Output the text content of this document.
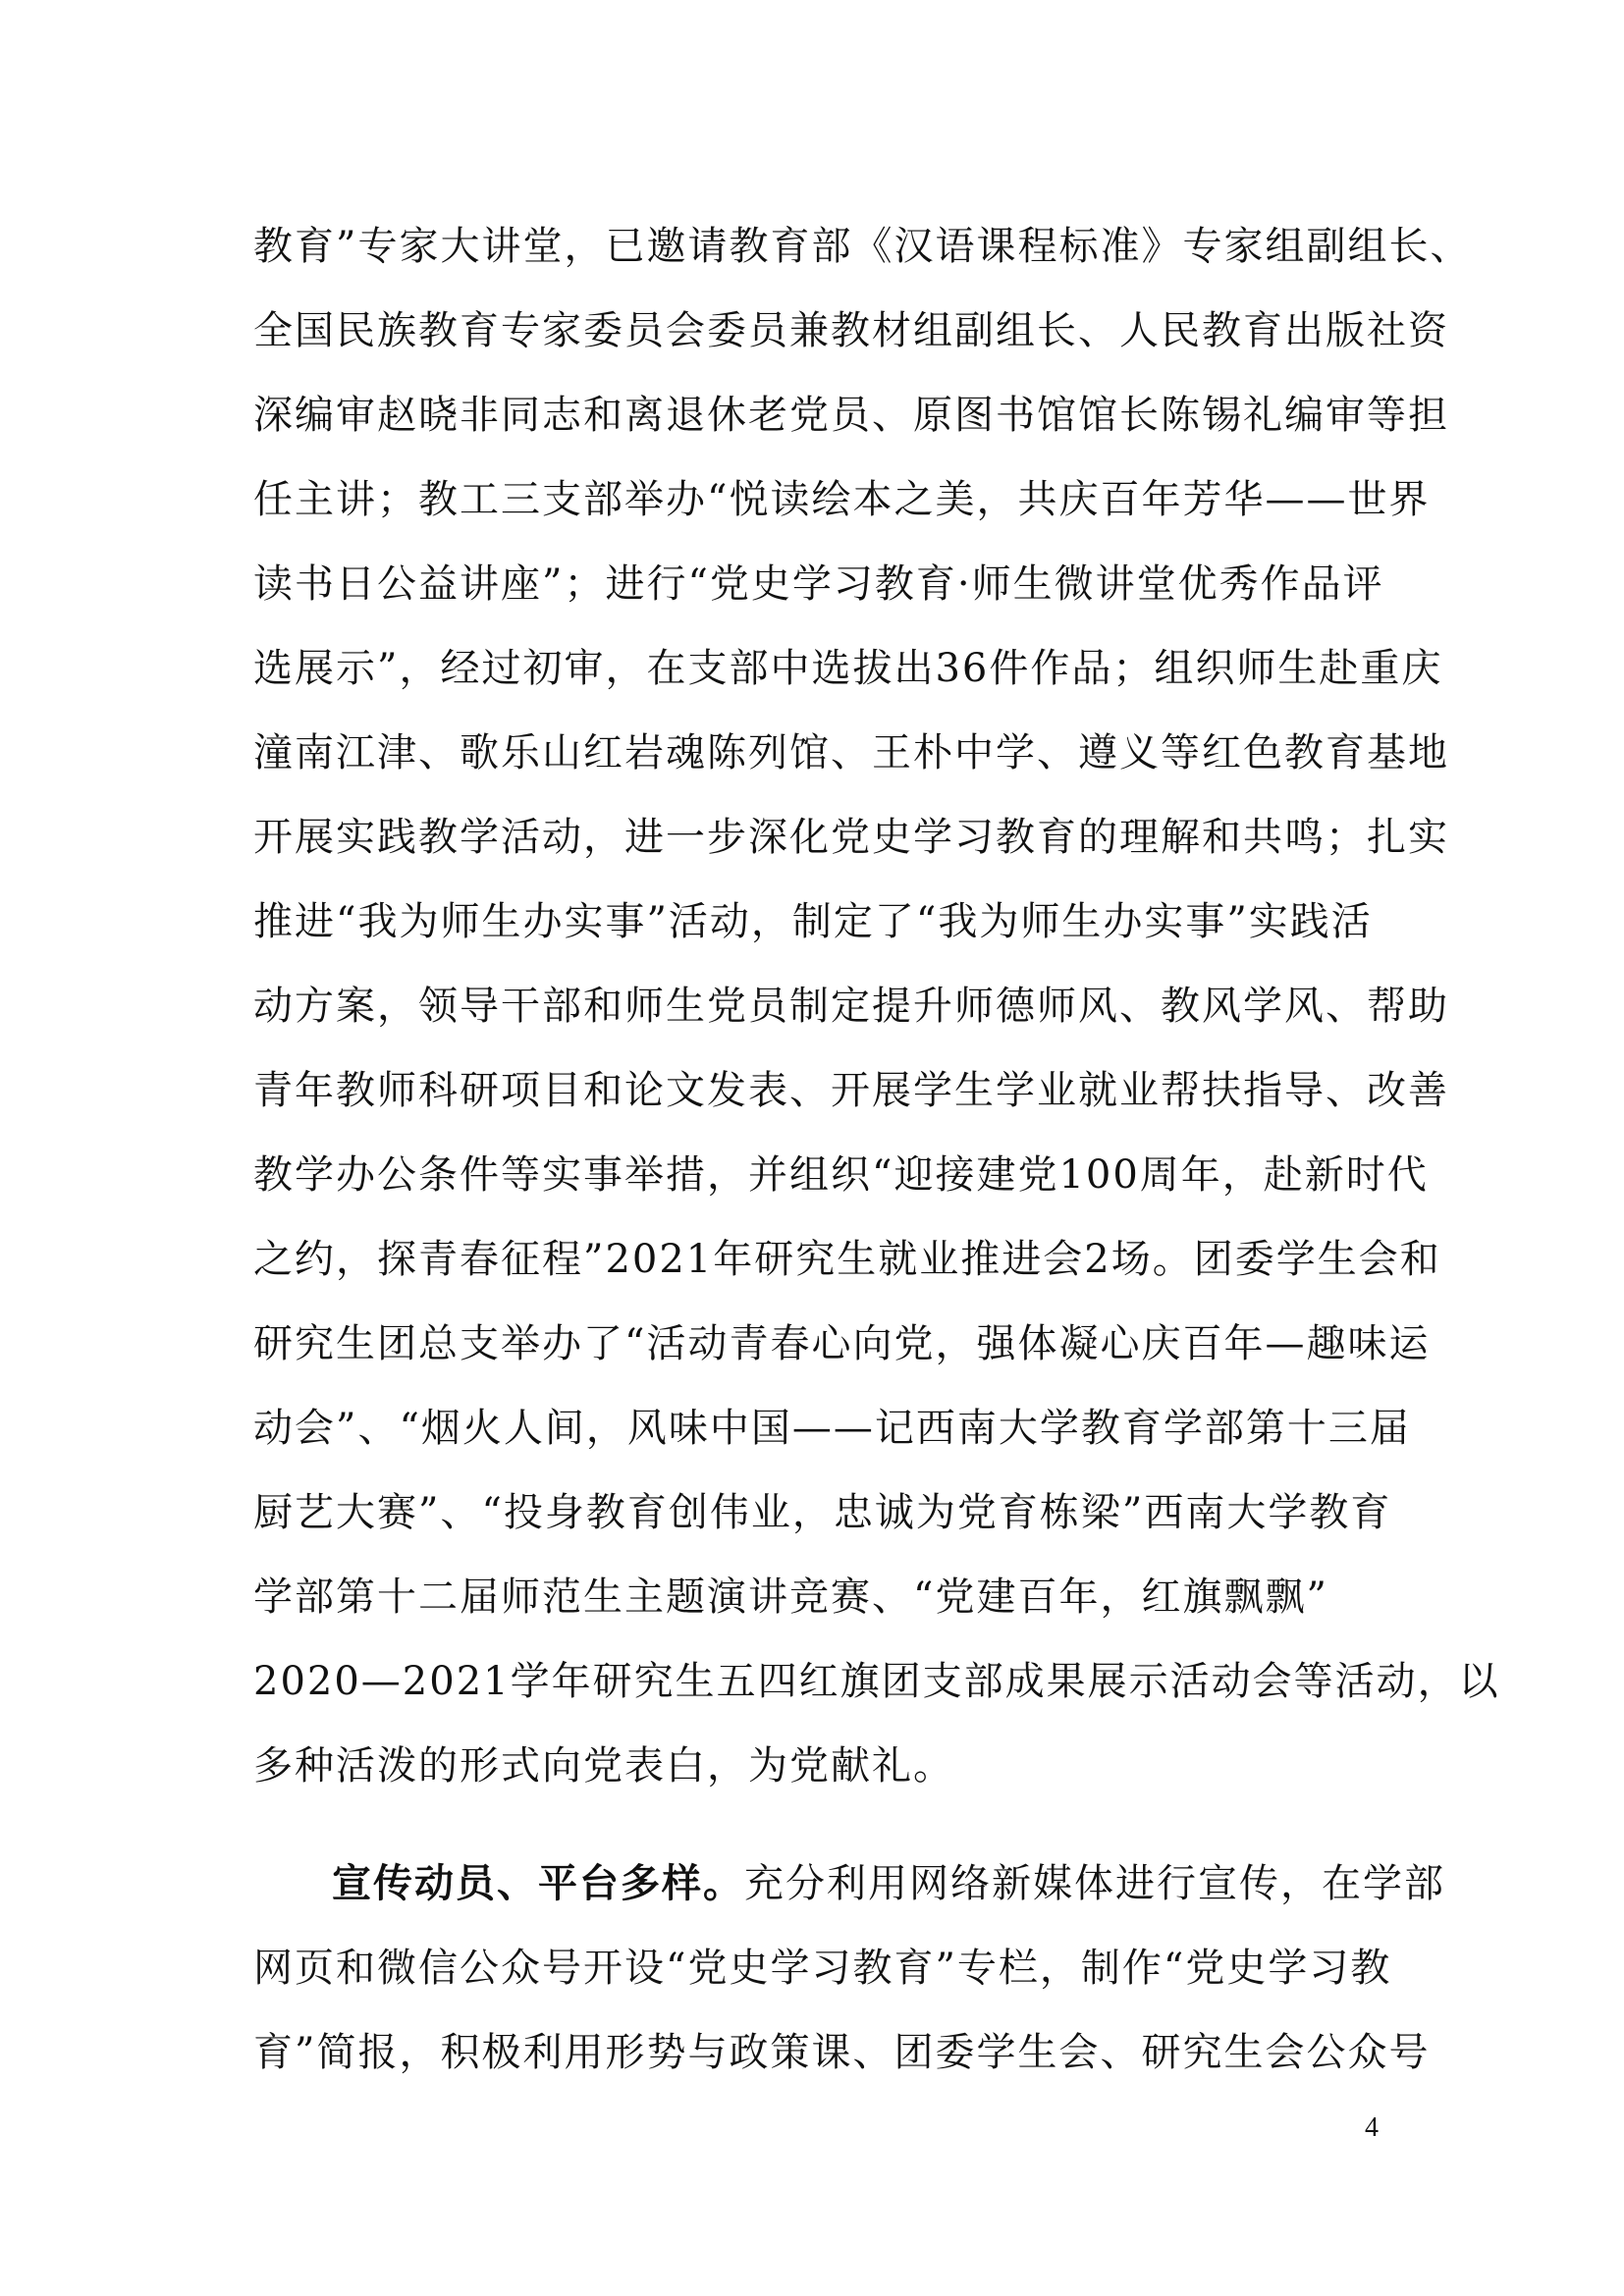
教育”专家大讲堂，已邀请教育部《汉语课程标准》专家组副组长、
全国民族教育专家委员会委员兼教材组副组长、人民教育出版社资
深编审赵晓非同志和离退休老党员、原图书馆馆长陈锡礼编审等担
任主讲；教工三支部举办“悦读绘本之美，共庆百年芳华——世界
读书日公益讲座”；进行“党史学习教育·师生微讲堂优秀作品评
选展示”，经过初审，在支部中选拔出36件作品；组织师生赴重庆
潼南江津、歌乐山红岩魂陈列馆、王朴中学、遵义等红色教育基地
开展实践教学活动，进一步深化党史学习教育的理解和共鸣；扎实
推进“我为师生办实事”活动，制定了“我为师生办实事”实践活
动方案，领导干部和师生党员制定提升师德师风、教风学风、帮助
青年教师科研项目和论文发表、开展学生学业就业帮扶指导、改善
教学办公条件等实事举措，并组织“迎接建党100周年，赴新时代
之约，探青春征程”2021年研究生就业推进会2场。团委学生会和
研究生团总支举办了“活动青春心向党，强体凝心庆百年—趣味运
动会”、“烟火人间，风味中国——记西南大学教育学部第十三届
厨艺大赛”、“投身教育创伟业，忠诚为党育栋梁”西南大学教育
学部第十二届师范生主题演讲竞赛、“党建百年，红旗飘飘”
2020—2021学年研究生五四红旗团支部成果展示活动会等活动，以
多种活泼的形式向党表白，为党献礼。
宣传动员、平台多样。充分利用网络新媒体进行宣传，在学部
网页和微信公众号开设“党史学习教育”专栏，制作“党史学习教
育”简报，积极利用形势与政策课、团委学生会、研究生会公众号
4
